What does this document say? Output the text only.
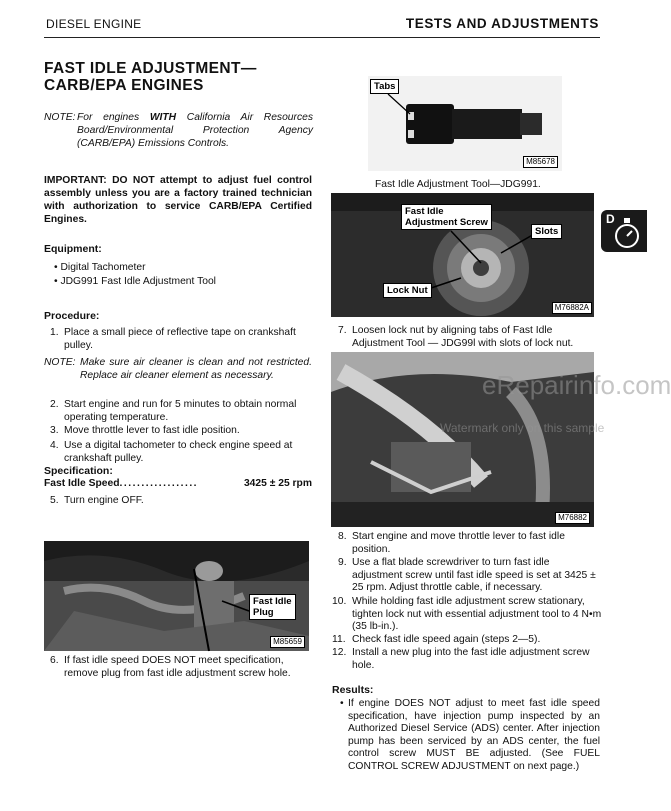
DIESEL ENGINE	TESTS AND ADJUSTMENTS
FAST IDLE ADJUSTMENT—
CARB/EPA ENGINES
NOTE: For engines WITH California Air Resources Board/Environmental Protection Agency (CARB/EPA) Emissions Controls.
IMPORTANT: DO NOT attempt to adjust fuel control assembly unless you are a factory trained technician with authorization to service CARB/EPA Certified Engines.
Equipment:
• Digital Tachometer
• JDG991 Fast Idle Adjustment Tool
Procedure:
1. Place a small piece of reflective tape on crankshaft pulley.
NOTE: Make sure air cleaner is clean and not restricted. Replace air cleaner element as necessary.
2. Start engine and run for 5 minutes to obtain normal operating temperature.
3. Move throttle lever to fast idle position.
4. Use a digital tachometer to check engine speed at crankshaft pulley.
Specification:
Fast Idle Speed..................	3425 ± 25 rpm
5. Turn engine OFF.
Fast Idle
Plug
M85659
6. If fast idle speed DOES NOT meet specification, remove plug from fast idle adjustment screw hole.
Tabs
M85678
Fast Idle Adjustment Tool—JDG991.
Fast Idle
Adjustment Screw
Slots
Lock Nut
M76882A
7. Loosen lock nut by aligning tabs of Fast Idle Adjustment Tool — JDG99l with slots of lock nut.
M76882
eRepairinfo.com
Watermark only on this sample
8. Start engine and move throttle lever to fast idle position.
9. Use a flat blade screwdriver to turn fast idle adjustment screw until fast idle speed is set at 3425 ± 25 rpm. Adjust throttle cable, if necessary.
10. While holding fast idle adjustment screw stationary, tighten lock nut with essential adjustment tool to 4 N•m (35 lb-in.).
11. Check fast idle speed again (steps 2—5).
12. Install a new plug into the fast idle adjustment screw hole.
Results:
• If engine DOES NOT adjust to meet fast idle speed specification, have injection pump inspected by an Authorized Diesel Service (ADS) center. After injection pump has been serviced by an ADS center, the fuel control screw MUST BE adjusted. (See FUEL CONTROL SCREW ADJUSTMENT on next page.)
D
